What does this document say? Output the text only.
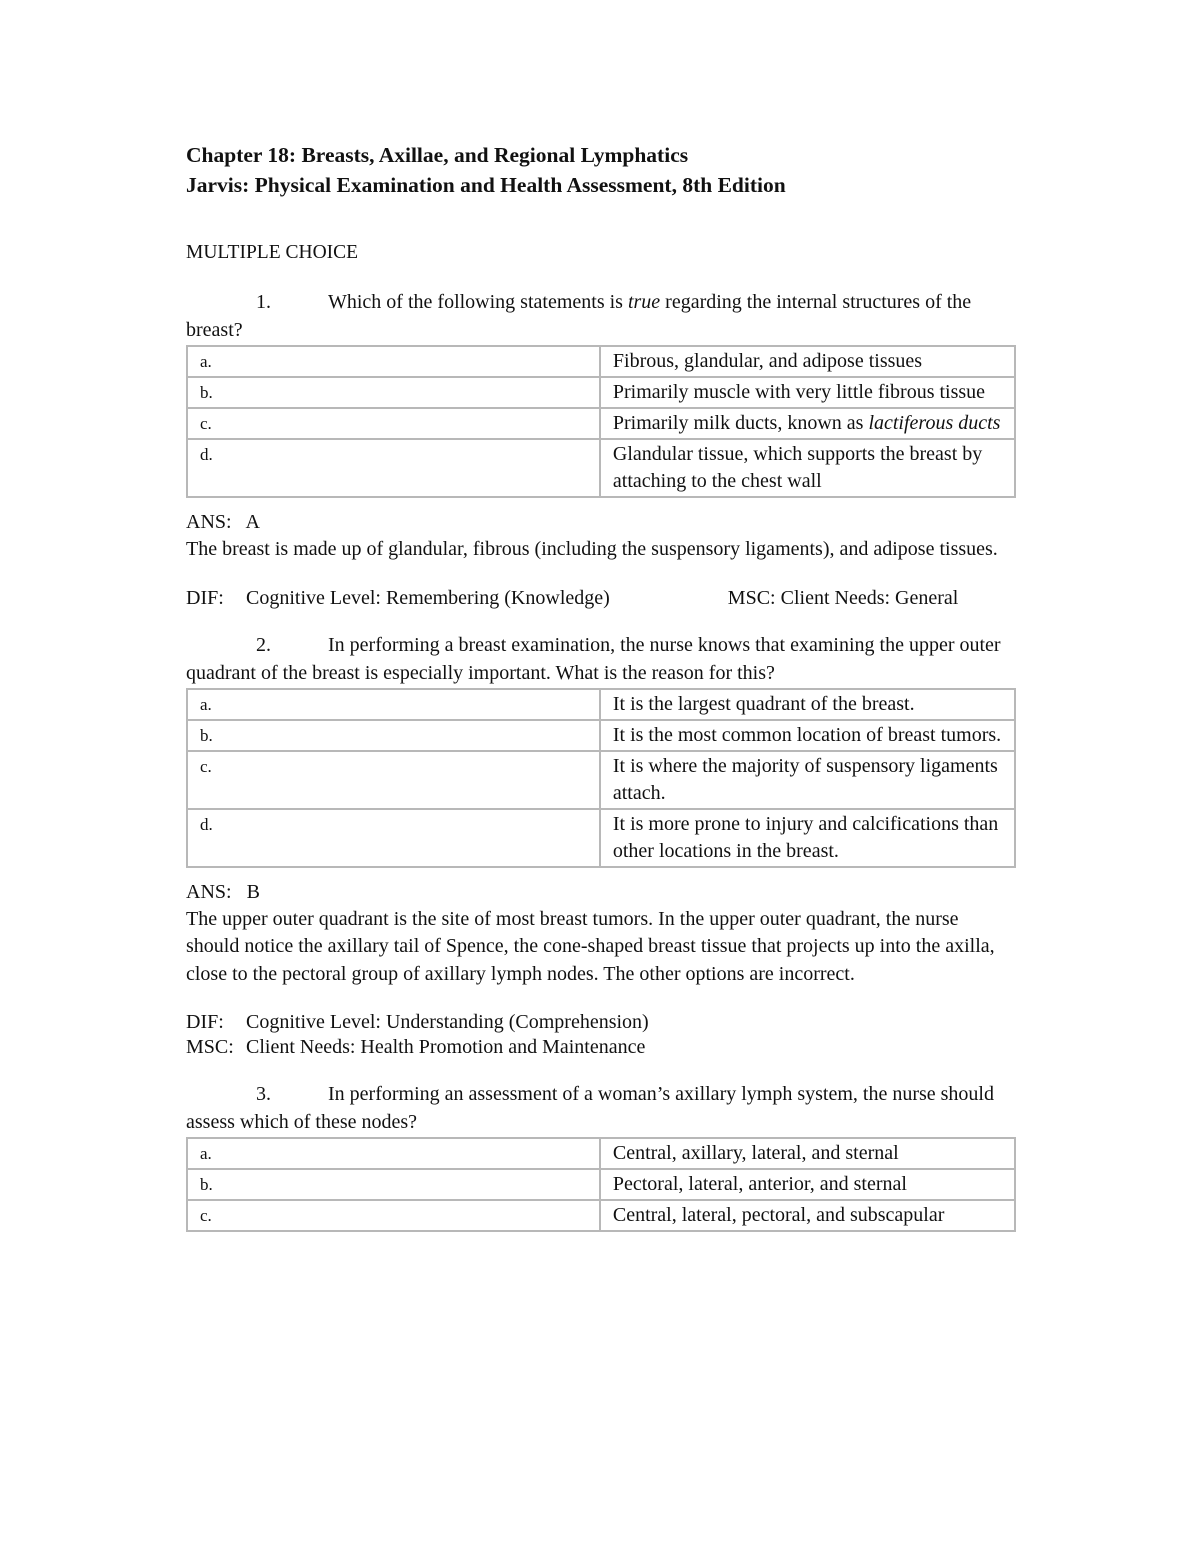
Chapter 18: Breasts, Axillae, and Regional Lymphatics

Jarvis: Physical Examination and Health Assessment, 8th Edition

MULTIPLE CHOICE
1.	Which of the following statements is true regarding the internal structures of the breast?
a.	Fibrous, glandular, and adipose tissues
b.	Primarily muscle with very little fibrous tissue
c.	Primarily milk ducts, known as lactiferous ducts
d.	Glandular tissue, which supports the breast by attaching to the chest wall
ANS: A
The breast is made up of glandular, fibrous (including the suspensory ligaments), and adipose tissues.
DIF:	Cognitive Level: Remembering (Knowledge)	MSC:
Client Needs: General
2.	In performing a breast examination, the nurse knows that examining the upper outer quadrant of the breast is especially important. What is the reason for this?
a.	It is the largest quadrant of the breast.
b.	It is the most common location of breast tumors.
c.	It is where the majority of suspensory ligaments attach.
d.	It is more prone to injury and calcifications than other locations in the breast.
ANS: B
The upper outer quadrant is the site of most breast tumors. In the upper outer quadrant, the nurse should notice the axillary tail of Spence, the cone-shaped breast tissue that projects up into the axilla, close to the pectoral group of axillary lymph nodes. The other options are incorrect.
DIF:	Cognitive Level: Understanding (Comprehension)
MSC: Client Needs: Health Promotion and Maintenance
3.	In performing an assessment of a woman’s axillary lymph system, the nurse should assess which of these nodes?
a.	Central, axillary, lateral, and sternal
b.	Pectoral, lateral, anterior, and sternal
c.	Central, lateral, pectoral, and subscapular
